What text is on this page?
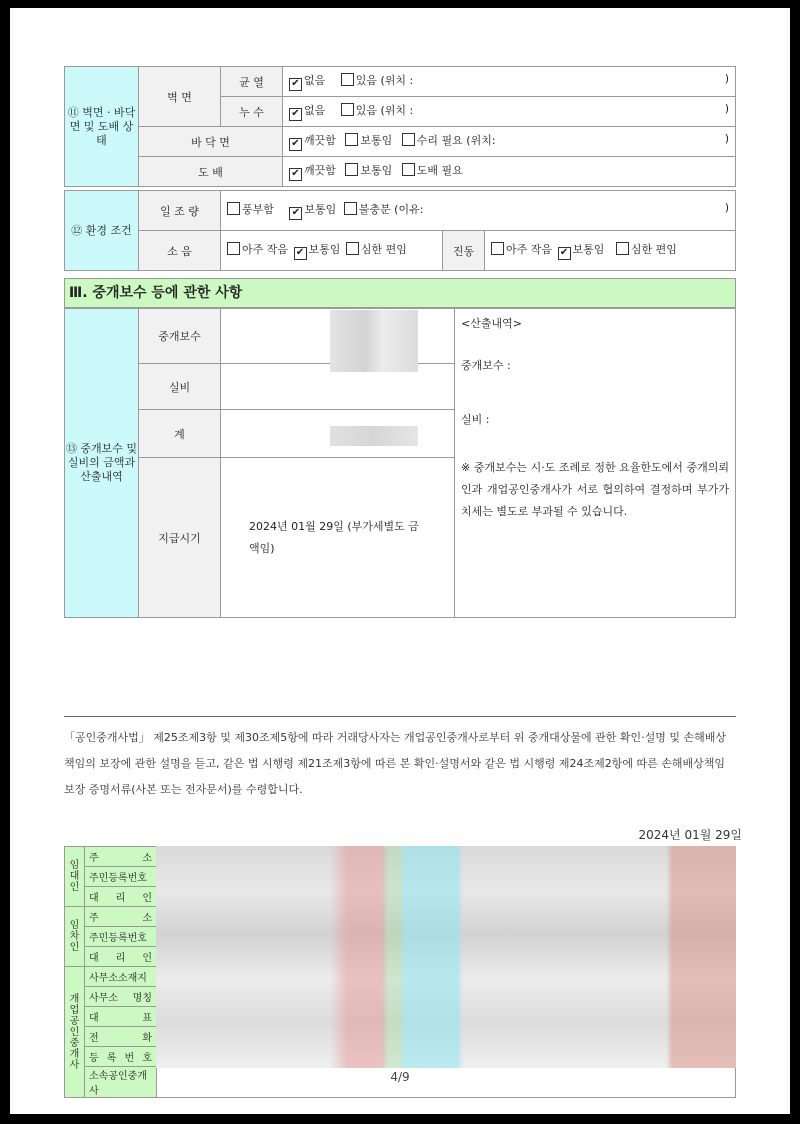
⑪ 벽면 · 바닥면 및 도배 상태	벽 면	균 열	✔ 없음 있음 (위치 : )

		누 수	✔ 없음 있음 (위치 : )

	바 닥 면		✔ 깨끗함 보통임 수리 필요 (위치: )

	도 배		✔ 깨끗함 보통임 도배 필요
⑫ 환경 조건	일 조 량	풍부함 ✔ 보통임 불충분 (이유: )		

	소 음	아주 작음 ✔ 보통임 심한 편임	진동	아주 작음 ✔ 보통임 심한 편임
Ⅲ. 중개보수 등에 관한 사항
⑬ 중개보수 및 실비의 금액과 산출내역	중개보수		<산출내역>
중개보수 :
실비 :
※ 중개보수는 시·도 조례로 정한 요율한도에서 중개의뢰인과 개업공인중개사가 서로 협의하여 결정하며 부가가치세는 별도로 부과될 수 있습니다.

	실비		
	계		
	지급시기	2024년 01월 29일 (부가세별도 금액임)	
「공인중개사법」 제25조제3항 및 제30조제5항에 따라 거래당사자는 개업공인중개사로부터 위 중개대상물에 관한 확인·설명 및 손해배상책임의 보장에 관한 설명을 듣고, 같은 법 시행령 제21조제3항에 따른 본 확인·설명서와 같은 법 시행령 제24조제2항에 따른 손해배상책임 보장 증명서류(사본 또는 전자문서)를 수령합니다.
2024년 01월 29일
임대인	주 소	
	주민등록번호	
	대 리 인	
임차인	주 소	
	주민등록번호	
	대 리 인	
개업공인중개사	사무소소재지	
	사무소 명칭	
	대 표	
	전 화	
	등 록 번 호	
	소속공인중개사	
4/9
